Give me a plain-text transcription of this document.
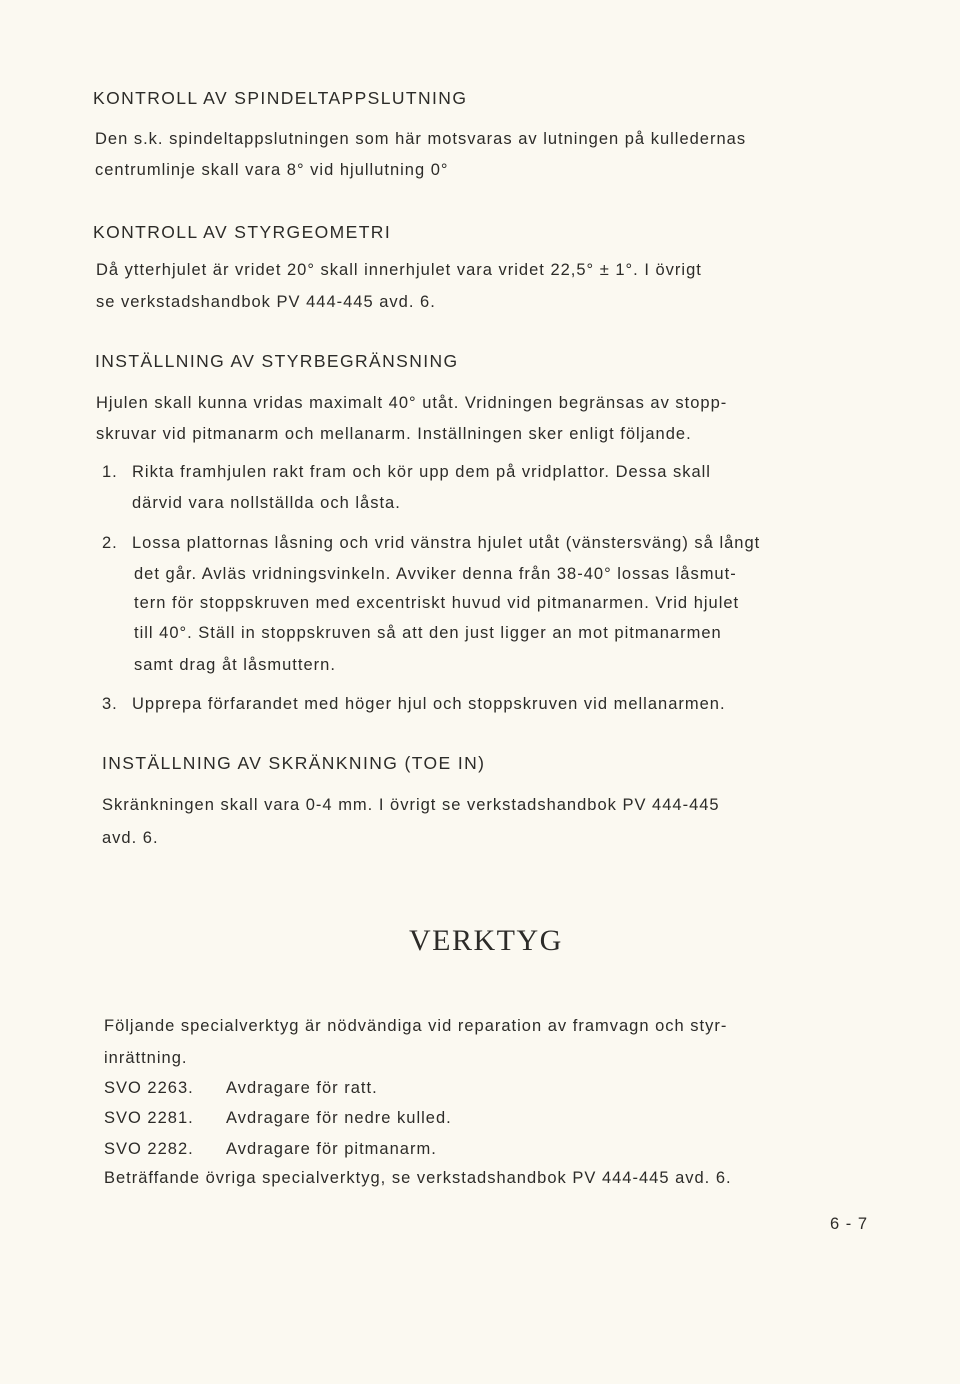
KONTROLL AV SPINDELTAPPSLUTNING
Den s.k. spindeltappslutningen som här motsvaras av lutningen på kulledernas
centrumlinje skall vara 8° vid hjullutning 0°
KONTROLL AV STYRGEOMETRI
Då ytterhjulet är vridet 20° skall innerhjulet vara vridet 22,5° ± 1°. I övrigt
se verkstadshandbok PV 444-445 avd. 6.
INSTÄLLNING AV STYRBEGRÄNSNING
Hjulen skall kunna vridas maximalt 40° utåt. Vridningen begränsas av stopp-
skruvar vid pitmanarm och mellanarm. Inställningen sker enligt följande.
1. Rikta framhjulen rakt fram och kör upp dem på vridplattor. Dessa skall
därvid vara nollställda och låsta.
2. Lossa plattornas låsning och vrid vänstra hjulet utåt (vänstersväng) så långt
det går. Avläs vridningsvinkeln. Avviker denna från 38-40° lossas låsmut-
tern för stoppskruven med excentriskt huvud vid pitmanarmen. Vrid hjulet
till 40°. Ställ in stoppskruven så att den just ligger an mot pitmanarmen
samt drag åt låsmuttern.
3. Upprepa förfarandet med höger hjul och stoppskruven vid mellanarmen.
INSTÄLLNING AV SKRÄNKNING (TOE IN)
Skränkningen skall vara 0-4 mm. I övrigt se verkstadshandbok PV 444-445
avd. 6.
VERKTYG
Följande specialverktyg är nödvändiga vid reparation av framvagn och styr-
inrättning.
SVO 2263. Avdragare för ratt.
SVO 2281. Avdragare för nedre kulled.
SVO 2282. Avdragare för pitmanarm.
Beträffande övriga specialverktyg, se verkstadshandbok PV 444-445 avd. 6.
6 - 7
